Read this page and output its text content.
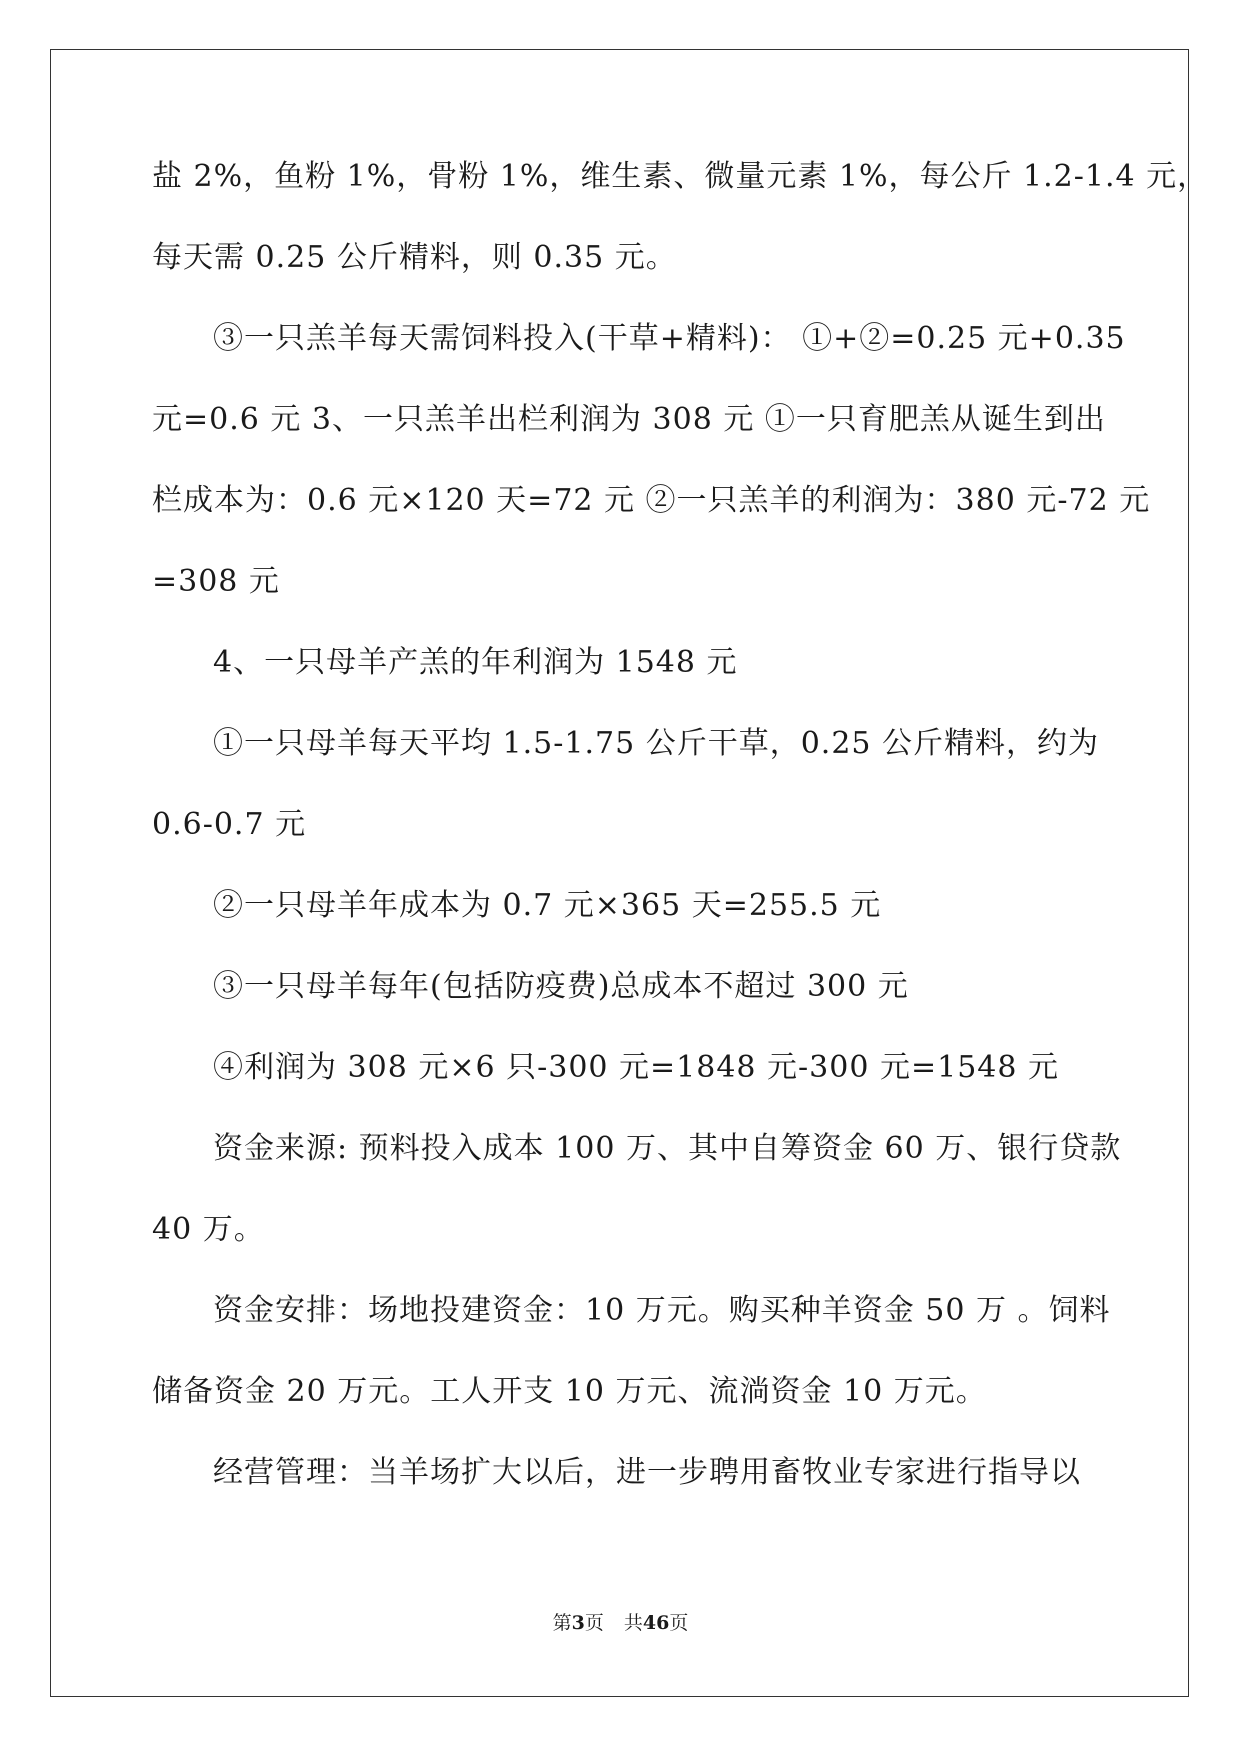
盐 2%，鱼粉 1%，骨粉 1%，维生素、微量元素 1%，每公斤 1.2-1.4 元，
每天需 0.25 公斤精料，则 0.35 元。
③一只羔羊每天需饲料投入(干草+精料)： ①+②=0.25 元+0.35
元=0.6 元 3、一只羔羊出栏利润为 308 元 ①一只育肥羔从诞生到出
栏成本为：0.6 元×120 天=72 元 ②一只羔羊的利润为：380 元-72 元
=308 元
4、一只母羊产羔的年利润为 1548 元
①一只母羊每天平均 1.5-1.75 公斤干草，0.25 公斤精料，约为
0.6-0.7 元
②一只母羊年成本为 0.7 元×365 天=255.5 元
③一只母羊每年(包括防疫费)总成本不超过 300 元
④利润为 308 元×6 只-300 元=1848 元-300 元=1548 元
资金来源: 预料投入成本 100 万、其中自筹资金 60 万、银行贷款
40 万。
资金安排：场地投建资金：10 万元。购买种羊资金 50 万 。饲料
储备资金 20 万元。工人开支 10 万元、流淌资金 10 万元。
经营管理：当羊场扩大以后，进一步聘用畜牧业专家进行指导以
第3页 共46页
